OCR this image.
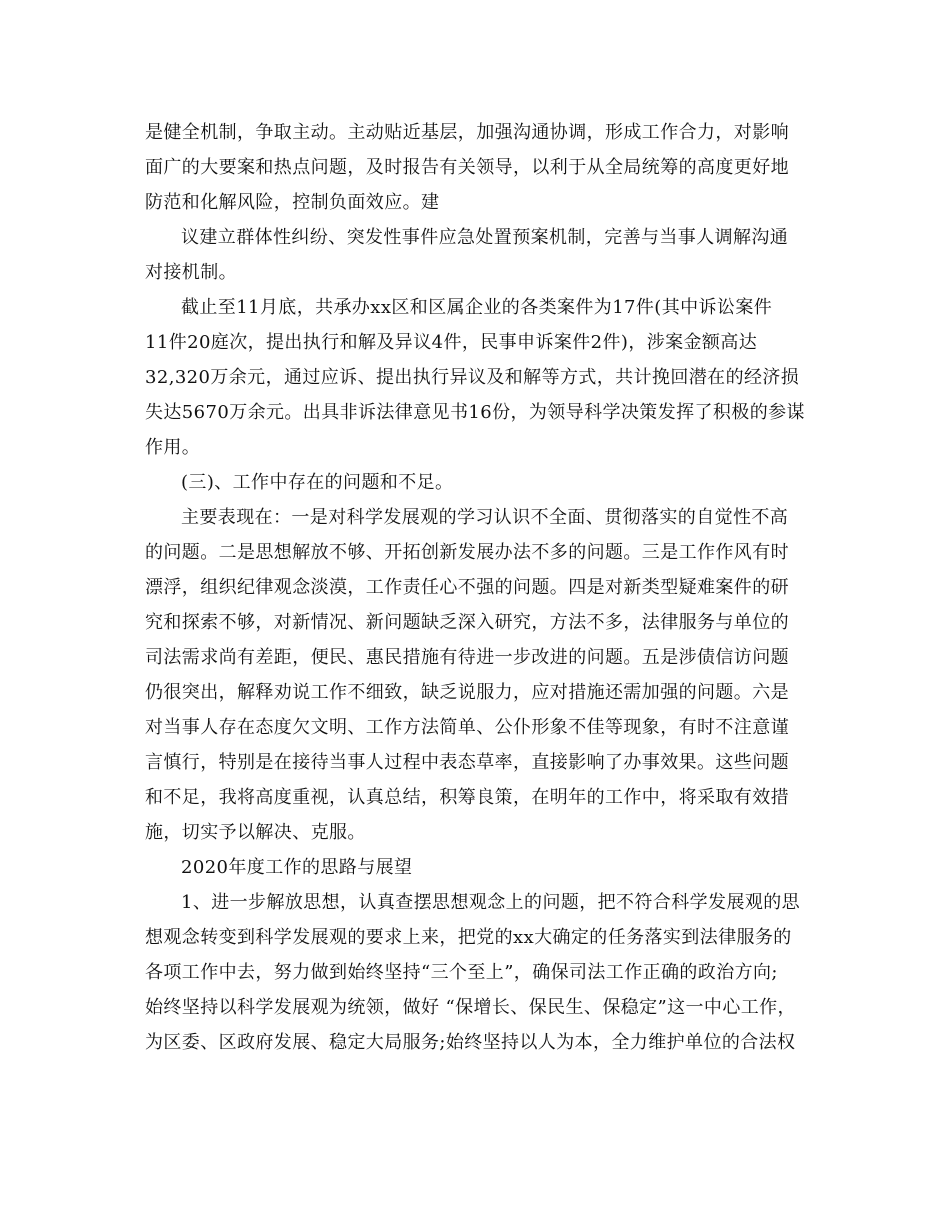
是健全机制，争取主动。主动贴近基层，加强沟通协调，形成工作合力，对影响
面广的大要案和热点问题，及时报告有关领导，以利于从全局统筹的高度更好地
防范和化解风险，控制负面效应。建
议建立群体性纠纷、突发性事件应急处置预案机制，完善与当事人调解沟通
对接机制。
截止至11月底，共承办xx区和区属企业的各类案件为17件(其中诉讼案件
11件20庭次，提出执行和解及异议4件，民事申诉案件2件)，涉案金额高达
32,320万余元，通过应诉、提出执行异议及和解等方式，共计挽回潜在的经济损
失达5670万余元。出具非诉法律意见书16份，为领导科学决策发挥了积极的参谋
作用。
(三)、工作中存在的问题和不足。
主要表现在：一是对科学发展观的学习认识不全面、贯彻落实的自觉性不高
的问题。二是思想解放不够、开拓创新发展办法不多的问题。三是工作作风有时
漂浮，组织纪律观念淡漠，工作责任心不强的问题。四是对新类型疑难案件的研
究和探索不够，对新情况、新问题缺乏深入研究，方法不多，法律服务与单位的
司法需求尚有差距，便民、惠民措施有待进一步改进的问题。五是涉债信访问题
仍很突出，解释劝说工作不细致，缺乏说服力，应对措施还需加强的问题。六是
对当事人存在态度欠文明、工作方法简单、公仆形象不佳等现象，有时不注意谨
言慎行，特别是在接待当事人过程中表态草率，直接影响了办事效果。这些问题
和不足，我将高度重视，认真总结，积筹良策，在明年的工作中，将采取有效措
施，切实予以解决、克服。
2020年度工作的思路与展望
1、进一步解放思想，认真查摆思想观念上的问题，把不符合科学发展观的思
想观念转变到科学发展观的要求上来，把党的xx大确定的任务落实到法律服务的
各项工作中去，努力做到始终坚持“三个至上”，确保司法工作正确的政治方向;
始终坚持以科学发展观为统领，做好 “保增长、保民生、保稳定”这一中心工作，
为区委、区政府发展、稳定大局服务;始终坚持以人为本，全力维护单位的合法权
